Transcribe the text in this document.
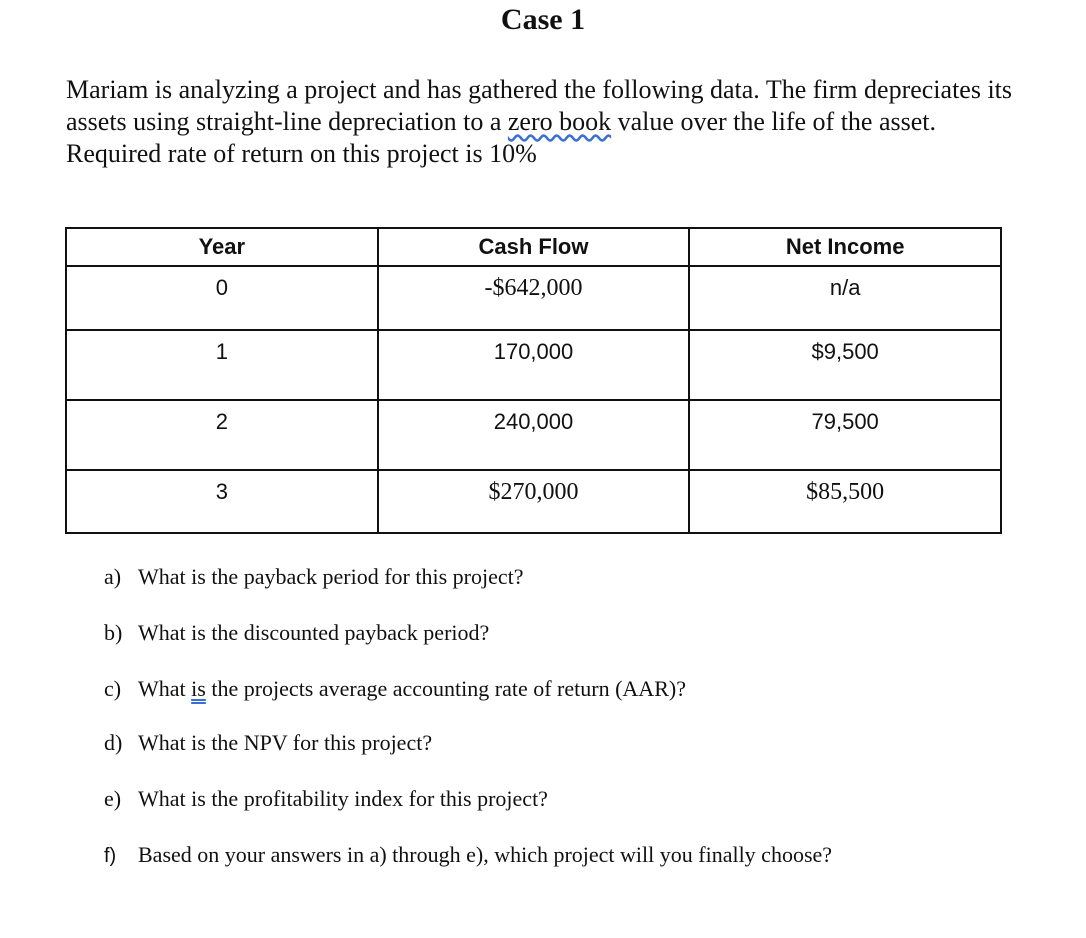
Case 1
Mariam is analyzing a project and has gathered the following data. The firm depreciates its assets using straight-line depreciation to a zero book value over the life of the asset. Required rate of return on this project is 10%
Year	Cash Flow	Net Income

0	-$642,000	n/a

1	170,000	$9,500

2	240,000	79,500

3	$270,000	$85,500
a) What is the payback period for this project?
b) What is the discounted payback period?
c) What is the projects average accounting rate of return (AAR)?
d) What is the NPV for this project?
e) What is the profitability index for this project?
f) Based on your answers in a) through e), which project will you finally choose?
